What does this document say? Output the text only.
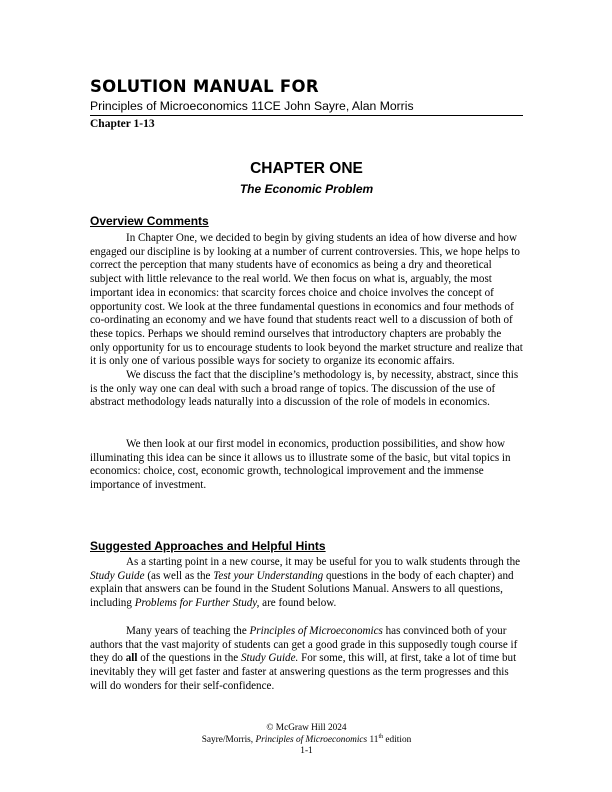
SOLUTION MANUAL FOR

Principles of Microeconomics 11CE John Sayre, Alan Morris

Chapter 1-13

CHAPTER ONE

The Economic Problem

Overview Comments

In Chapter One, we decided to begin by giving students an idea of how diverse and how engaged our discipline is by looking at a number of current controversies. This, we hope helps to correct the perception that many students have of economics as being a dry and theoretical subject with little relevance to the real world. We then focus on what is, arguably, the most important idea in economics: that scarcity forces choice and choice involves the concept of opportunity cost. We look at the three fundamental questions in economics and four methods of co-ordinating an economy and we have found that students react well to a discussion of both of these topics. Perhaps we should remind ourselves that introductory chapters are probably the only opportunity for us to encourage students to look beyond the market structure and realize that it is only one of various possible ways for society to organize its economic affairs.

We discuss the fact that the discipline’s methodology is, by necessity, abstract, since this is the only way one can deal with such a broad range of topics. The discussion of the use of abstract methodology leads naturally into a discussion of the role of models in economics.

We then look at our first model in economics, production possibilities, and show how illuminating this idea can be since it allows us to illustrate some of the basic, but vital topics in economics: choice, cost, economic growth, technological improvement and the immense importance of investment.

Suggested Approaches and Helpful Hints

As a starting point in a new course, it may be useful for you to walk students through the Study Guide (as well as the Test your Understanding questions in the body of each chapter) and explain that answers can be found in the Student Solutions Manual. Answers to all questions, including Problems for Further Study, are found below.

Many years of teaching the Principles of Microeconomics has convinced both of your authors that the vast majority of students can get a good grade in this supposedly tough course if they do all of the questions in the Study Guide. For some, this will, at first, take a lot of time but inevitably they will get faster and faster at answering questions as the term progresses and this will do wonders for their self-confidence.

© McGraw Hill 2024
Sayre/Morris, Principles of Microeconomics 11th edition
1-1
